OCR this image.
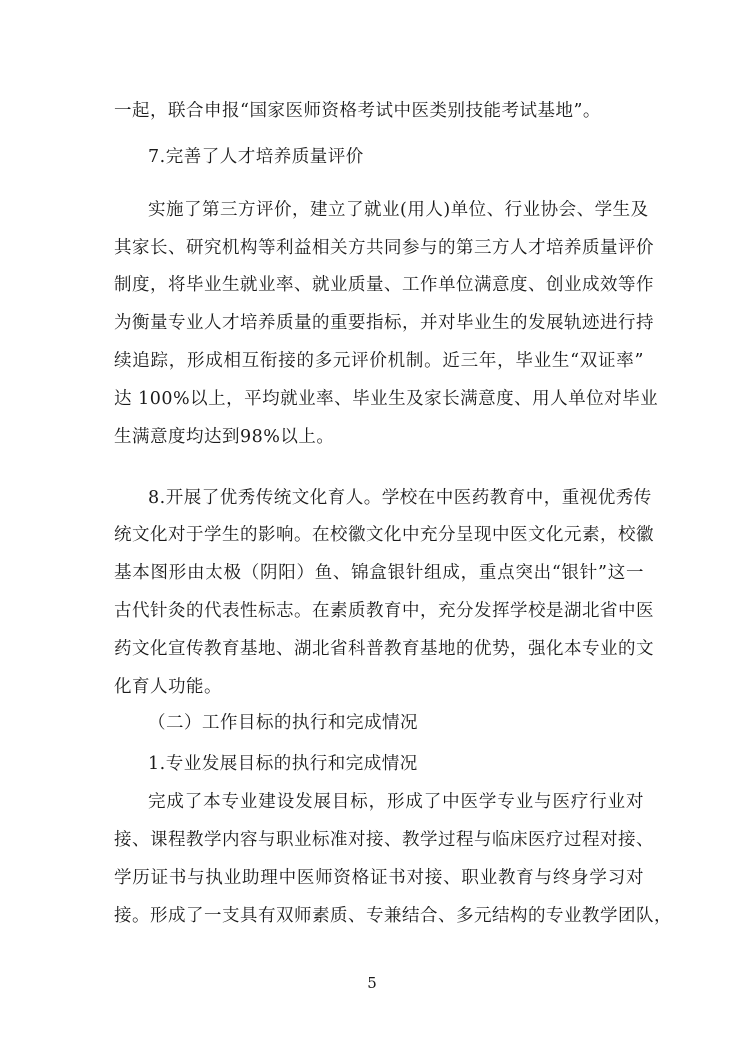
一起，联合申报“国家医师资格考试中医类别技能考试基地”。
7.完善了人才培养质量评价
实施了第三方评价，建立了就业(用人)单位、行业协会、学生及
其家长、研究机构等利益相关方共同参与的第三方人才培养质量评价
制度，将毕业生就业率、就业质量、工作单位满意度、创业成效等作
为衡量专业人才培养质量的重要指标，并对毕业生的发展轨迹进行持
续追踪，形成相互衔接的多元评价机制。近三年，毕业生“双证率”
达 100%以上，平均就业率、毕业生及家长满意度、用人单位对毕业
生满意度均达到98%以上。
8.开展了优秀传统文化育人。学校在中医药教育中，重视优秀传
统文化对于学生的影响。在校徽文化中充分呈现中医文化元素，校徽
基本图形由太极（阴阳）鱼、锦盒银针组成，重点突出“银针”这一
古代针灸的代表性标志。在素质教育中，充分发挥学校是湖北省中医
药文化宣传教育基地、湖北省科普教育基地的优势，强化本专业的文
化育人功能。
（二）工作目标的执行和完成情况
1.专业发展目标的执行和完成情况
完成了本专业建设发展目标，形成了中医学专业与医疗行业对
接、课程教学内容与职业标准对接、教学过程与临床医疗过程对接、
学历证书与执业助理中医师资格证书对接、职业教育与终身学习对
接。形成了一支具有双师素质、专兼结合、多元结构的专业教学团队，
5
